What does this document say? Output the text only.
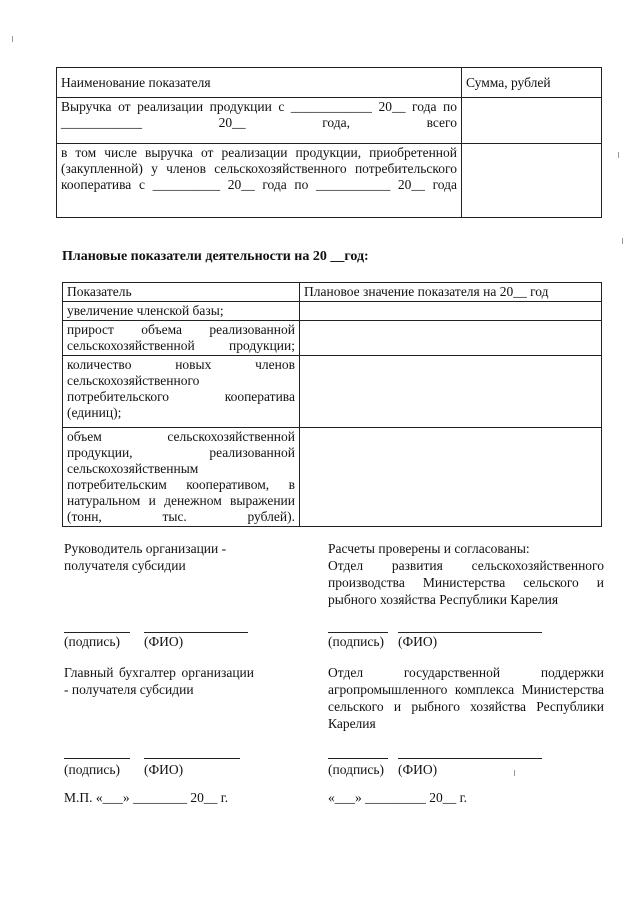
Наименование показателя	Сумма, рублей
Выручка от реализации продукции с ____________ 20__ года по ____________ 20__ года, всего	
в том числе выручка от реализации продукции, приобретенной (закупленной) у членов сельскохозяйственного потребительского кооператива с __________ 20__ года по ___________ 20__ года	
Плановые показатели деятельности на 20 __год:
Показатель	Плановое значение показателя на 20__ год
увеличение членской базы;	
прирост объема реализованной сельскохозяйственной продукции;	
количество новых членов сельскохозяйственного потребительского кооператива (единиц);	
объем сельскохозяйственной продукции, реализованной сельскохозяйственным потребительским кооперативом, в натуральном и денежном выражении (тонн, тыс. рублей).	
Руководитель организации - получателя субсидии
(подпись) (ФИО)
Главный бухгалтер организации - получателя субсидии
(подпись) (ФИО)
М.П. «___» ________ 20__ г.
Расчеты проверены и согласованы:
Отдел развития сельскохозяйственного производства Министерства сельского и рыбного хозяйства Республики Карелия
(подпись) (ФИО)
Отдел государственной поддержки агропромышленного комплекса Министерства сельского и рыбного хозяйства Республики Карелия
(подпись) (ФИО)
«___» _________ 20__ г.
